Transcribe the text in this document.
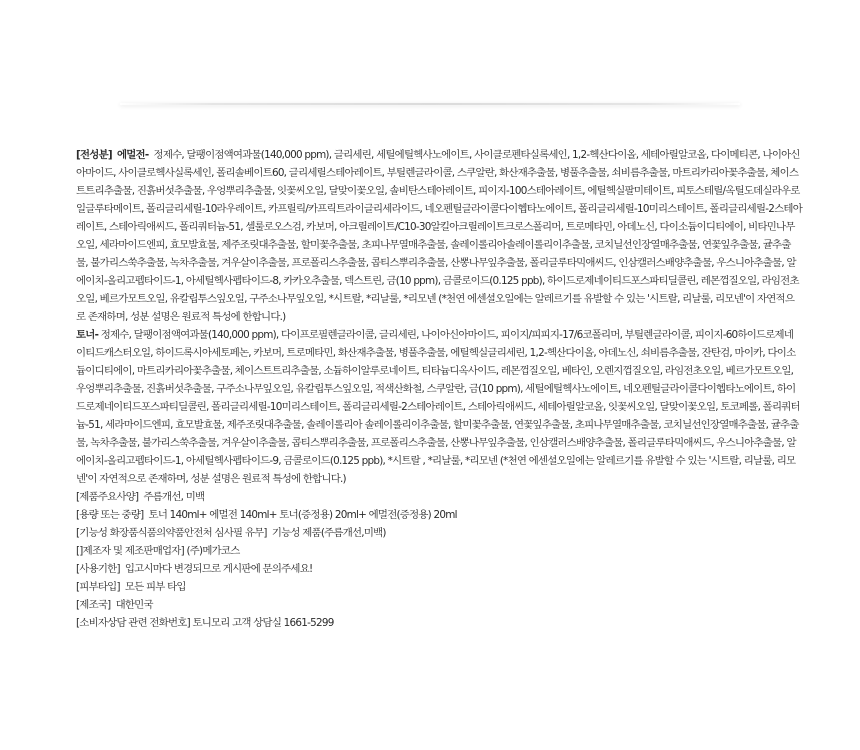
[전성분] 에멀전- 정제수, 달팽이점액여과물(140,000 ppm), 글리세린, 세틸에틸헥사노에이트, 사이클로펜타실록세인, 1,2-헥산다이올, 세테아릴알코올, 다이메티콘, 나이아신아마이드, 사이클로헥사실록세인, 폴리솔베이트60, 글리세릴스테아레이트, 부틸렌글라이콜, 스쿠알란, 화산재추출물, 병풀추출물, 쇠비름추출물, 마트리카리아꽃추출물, 체이스트트리추출물, 진흙버섯추출물, 우엉뿌리추출물, 잇꽃씨오일, 달맞이꽃오일, 솔비탄스테아레이트, 피이지-100스테아레이트, 에틸헥실팔미테이트, 피토스테릴/옥틸도데실라우로일글루타메이트, 폴리글리세릴-10라우레이트, 카프릴릭/카프릭트라이글리세라이드, 네오펜틸글라이콜다이헵타노에이트, 폴리글리세릴-10미리스테이트, 폴리글리세릴-2스테아레이트, 스테아릭애씨드, 폴리쿼터늄-51, 셀룰로오스검, 카보머, 아크릴레이트/C10-30알킬아크릴레이트크로스폴리머, 트로메타민, 아데노신, 다이소듐이디티에이, 비타민나무오일, 세라마이드엔피, 효모발효물, 제주조릿대추출물, 할미꽃추출물, 초피나무열매추출물, 솔레이롤리아솔레이롤리이추출물, 코치닐선인장열매추출물, 연꽃잎추출물, 귤추출물, 불가리스쑥추출물, 녹차추출물, 겨우살이추출물, 프로폴리스추출물, 콥티스뿌리추출물, 산뽕나무잎추출물, 폴리글루타믹애씨드, 인삼캘러스배양추출물, 우스니아추출물, 알에이치-올리고펩타이드-1, 아세틸헥사펩타이드-8, 카카오추출물, 덱스트린, 금(10 ppm), 금콜로이드(0.125 ppb), 하이드로제네이티드포스파티딜콜린, 레몬껍질오일, 라임전초오일, 베르가모트오일, 유칼립투스잎오일, 구주소나무잎오일, *시트랄, *리날룰, *리모넨 (*천연 에센셜오일에는 알레르기를 유발할 수 있는 '시트랄, 리날룰, 리모넨'이 자연적으로 존재하며, 성분 설명은 원료적 특성에 한합니다.)

토너- 정제수, 달팽이점액여과물(140,000 ppm), 다이프로필렌글라이콜, 글리세린, 나이아신아마이드, 피이지/피피지-17/6코폴리머, 부틸렌글라이콜, 피이지-60하이드로제네이티드캐스터오일, 하이드록시아세토페논, 카보머, 트로메타민, 화산재추출물, 병풀추출물, 에틸헥실글리세린, 1,2-헥산다이올, 아데노신, 쇠비름추출물, 잔탄검, 마이카, 다이소듐이디티에이, 마트리카리아꽃추출물, 체이스트트리추출물, 소듐하이알루로네이트, 티타늄디옥사이드, 레몬껍질오일, 베타인, 오렌지껍질오일, 라임전초오일, 베르가모트오일, 우엉뿌리추출물, 진흙버섯추출물, 구주소나무잎오일, 유칼립투스잎오일, 적색산화철, 스쿠알란, 금(10 ppm), 세틸에틸헥사노에이트, 네오펜틸글라이콜다이헵타노에이트, 하이드로제네이티드포스파티딜콜린, 폴리글리세릴-10미리스테이트, 폴리글리세릴-2스테아레이트, 스테아릭애씨드, 세테아릴알코올, 잇꽃씨오일, 달맞이꽃오일, 토코페롤, 폴리쿼터늄-51, 세라마이드엔피, 효모발효물, 제주조릿대추출물, 솔레이롤리아 솔레이롤리이추출물, 할미꽃추출물, 연꽃잎추출물, 초피나무열매추출물, 코치닐선인장열매추출물, 귤추출물, 녹차추출물, 불가리스쑥추출물, 겨우살이추출물, 콥티스뿌리추출물, 프로폴리스추출물, 산뽕나무잎추출물, 인삼캘러스배양추출물, 폴리글루타믹애씨드, 우스니아추출물, 알에이치-올리고펩타이드-1, 아세틸헥사펩타이드-9, 금콜로이드(0.125 ppb), *시트랄 , *리날룰, *리모넨 (*천연 에센셜오일에는 알레르기를 유발할 수 있는 '시트랄, 리날룰, 리모넨'이 자연적으로 존재하며, 성분 설명은 원료적 특성에 한합니다.)

[제품주요사양] 주름개선, 미백

[용량 또는 중량] 토너 140ml+ 에멀전 140ml+ 토너(증정용) 20ml+ 에멀전(증정용) 20ml

[기능성 화장품식품의약품안전처 심사필 유무] 기능성 제품(주름개선,미백)

[]제조자 및 제조판매업자] (주)메가코스

[사용기한] 입고시마다 변경되므로 게시판에 문의주세요!

[피부타입] 모든 피부 타입

[제조국] 대한민국

[소비자상담 관련 전화번호] 토니모리 고객 상담실 1661-5299
